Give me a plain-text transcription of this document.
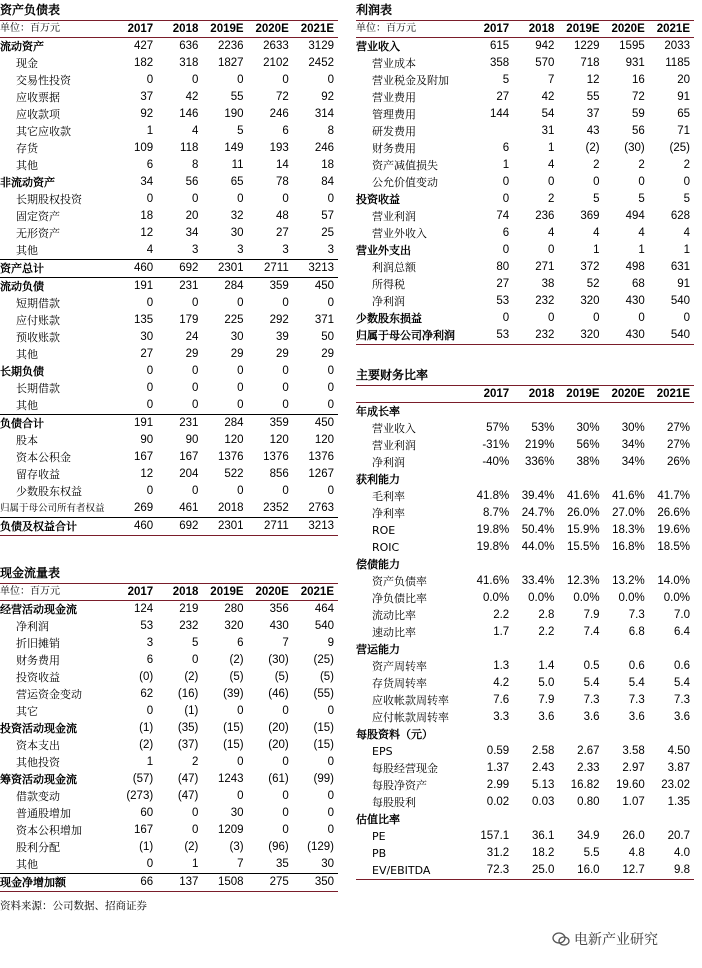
资产负债表
单位：百万元	2017	2018	2019E	2020E	2021E
流动资产	427	636	2236	2633	3129
现金	182	318	1827	2102	2452
交易性投资	0	0	0	0	0
应收票据	37	42	55	72	92
应收款项	92	146	190	246	314
其它应收款	1	4	5	6	8
存货	109	118	149	193	246
其他	6	8	11	14	18
非流动资产	34	56	65	78	84
长期股权投资	0	0	0	0	0
固定资产	18	20	32	48	57
无形资产	12	34	30	27	25
其他	4	3	3	3	3
资产总计	460	692	2301	2711	3213
流动负债	191	231	284	359	450
短期借款	0	0	0	0	0
应付账款	135	179	225	292	371
预收账款	30	24	30	39	50
其他	27	29	29	29	29
长期负债	0	0	0	0	0
长期借款	0	0	0	0	0
其他	0	0	0	0	0
负债合计	191	231	284	359	450
股本	90	90	120	120	120
资本公积金	167	167	1376	1376	1376
留存收益	12	204	522	856	1267
少数股东权益	0	0	0	0	0
归属于母公司所有者权益	269	461	2018	2352	2763
负债及权益合计	460	692	2301	2711	3213
利润表
单位：百万元	2017	2018	2019E	2020E	2021E
营业收入	615	942	1229	1595	2033
营业成本	358	570	718	931	1185
营业税金及附加	5	7	12	16	20
营业费用	27	42	55	72	91
管理费用	144	54	37	59	65
研发费用		31	43	56	71
财务费用	6	1	(2)	(30)	(25)
资产减值损失	1	4	2	2	2
公允价值变动	0	0	0	0	0
投资收益	0	2	5	5	5
营业利润	74	236	369	494	628
营业外收入	6	4	4	4	4
营业外支出	0	0	1	1	1
利润总额	80	271	372	498	631
所得税	27	38	52	68	91
净利润	53	232	320	430	540
少数股东损益	0	0	0	0	0
归属于母公司净利润	53	232	320	430	540
主要财务比率
	2017	2018	2019E	2020E	2021E
年成长率					
营业收入	57%	53%	30%	30%	27%
营业利润	-31%	219%	56%	34%	27%
净利润	-40%	336%	38%	34%	26%
获利能力					
毛利率	41.8%	39.4%	41.6%	41.6%	41.7%
净利率	8.7%	24.7%	26.0%	27.0%	26.6%
ROE	19.8%	50.4%	15.9%	18.3%	19.6%
ROIC	19.8%	44.0%	15.5%	16.8%	18.5%
偿债能力					
资产负债率	41.6%	33.4%	12.3%	13.2%	14.0%
净负债比率	0.0%	0.0%	0.0%	0.0%	0.0%
流动比率	2.2	2.8	7.9	7.3	7.0
速动比率	1.7	2.2	7.4	6.8	6.4
营运能力					
资产周转率	1.3	1.4	0.5	0.6	0.6
存货周转率	4.2	5.0	5.4	5.4	5.4
应收帐款周转率	7.6	7.9	7.3	7.3	7.3
应付帐款周转率	3.3	3.6	3.6	3.6	3.6
每股资料（元）					
EPS	0.59	2.58	2.67	3.58	4.50
每股经营现金	1.37	2.43	2.33	2.97	3.87
每股净资产	2.99	5.13	16.82	19.60	23.02
每股股利	0.02	0.03	0.80	1.07	1.35
估值比率					
PE	157.1	36.1	34.9	26.0	20.7
PB	31.2	18.2	5.5	4.8	4.0
EV/EBITDA	72.3	25.0	16.0	12.7	9.8
现金流量表
单位：百万元	2017	2018	2019E	2020E	2021E
经营活动现金流	124	219	280	356	464
净利润	53	232	320	430	540
折旧摊销	3	5	6	7	9
财务费用	6	0	(2)	(30)	(25)
投资收益	(0)	(2)	(5)	(5)	(5)
营运资金变动	62	(16)	(39)	(46)	(55)
其它	0	(1)	0	0	0
投资活动现金流	(1)	(35)	(15)	(20)	(15)
资本支出	(2)	(37)	(15)	(20)	(15)
其他投资	1	2	0	0	0
筹资活动现金流	(57)	(47)	1243	(61)	(99)
借款变动	(273)	(47)	0	0	0
普通股增加	60	0	30	0	0
资本公积增加	167	0	1209	0	0
股利分配	(1)	(2)	(3)	(96)	(129)
其他	0	1	7	35	30
现金净增加额	66	137	1508	275	350
资料来源：公司数据、招商证券
电新产业研究
